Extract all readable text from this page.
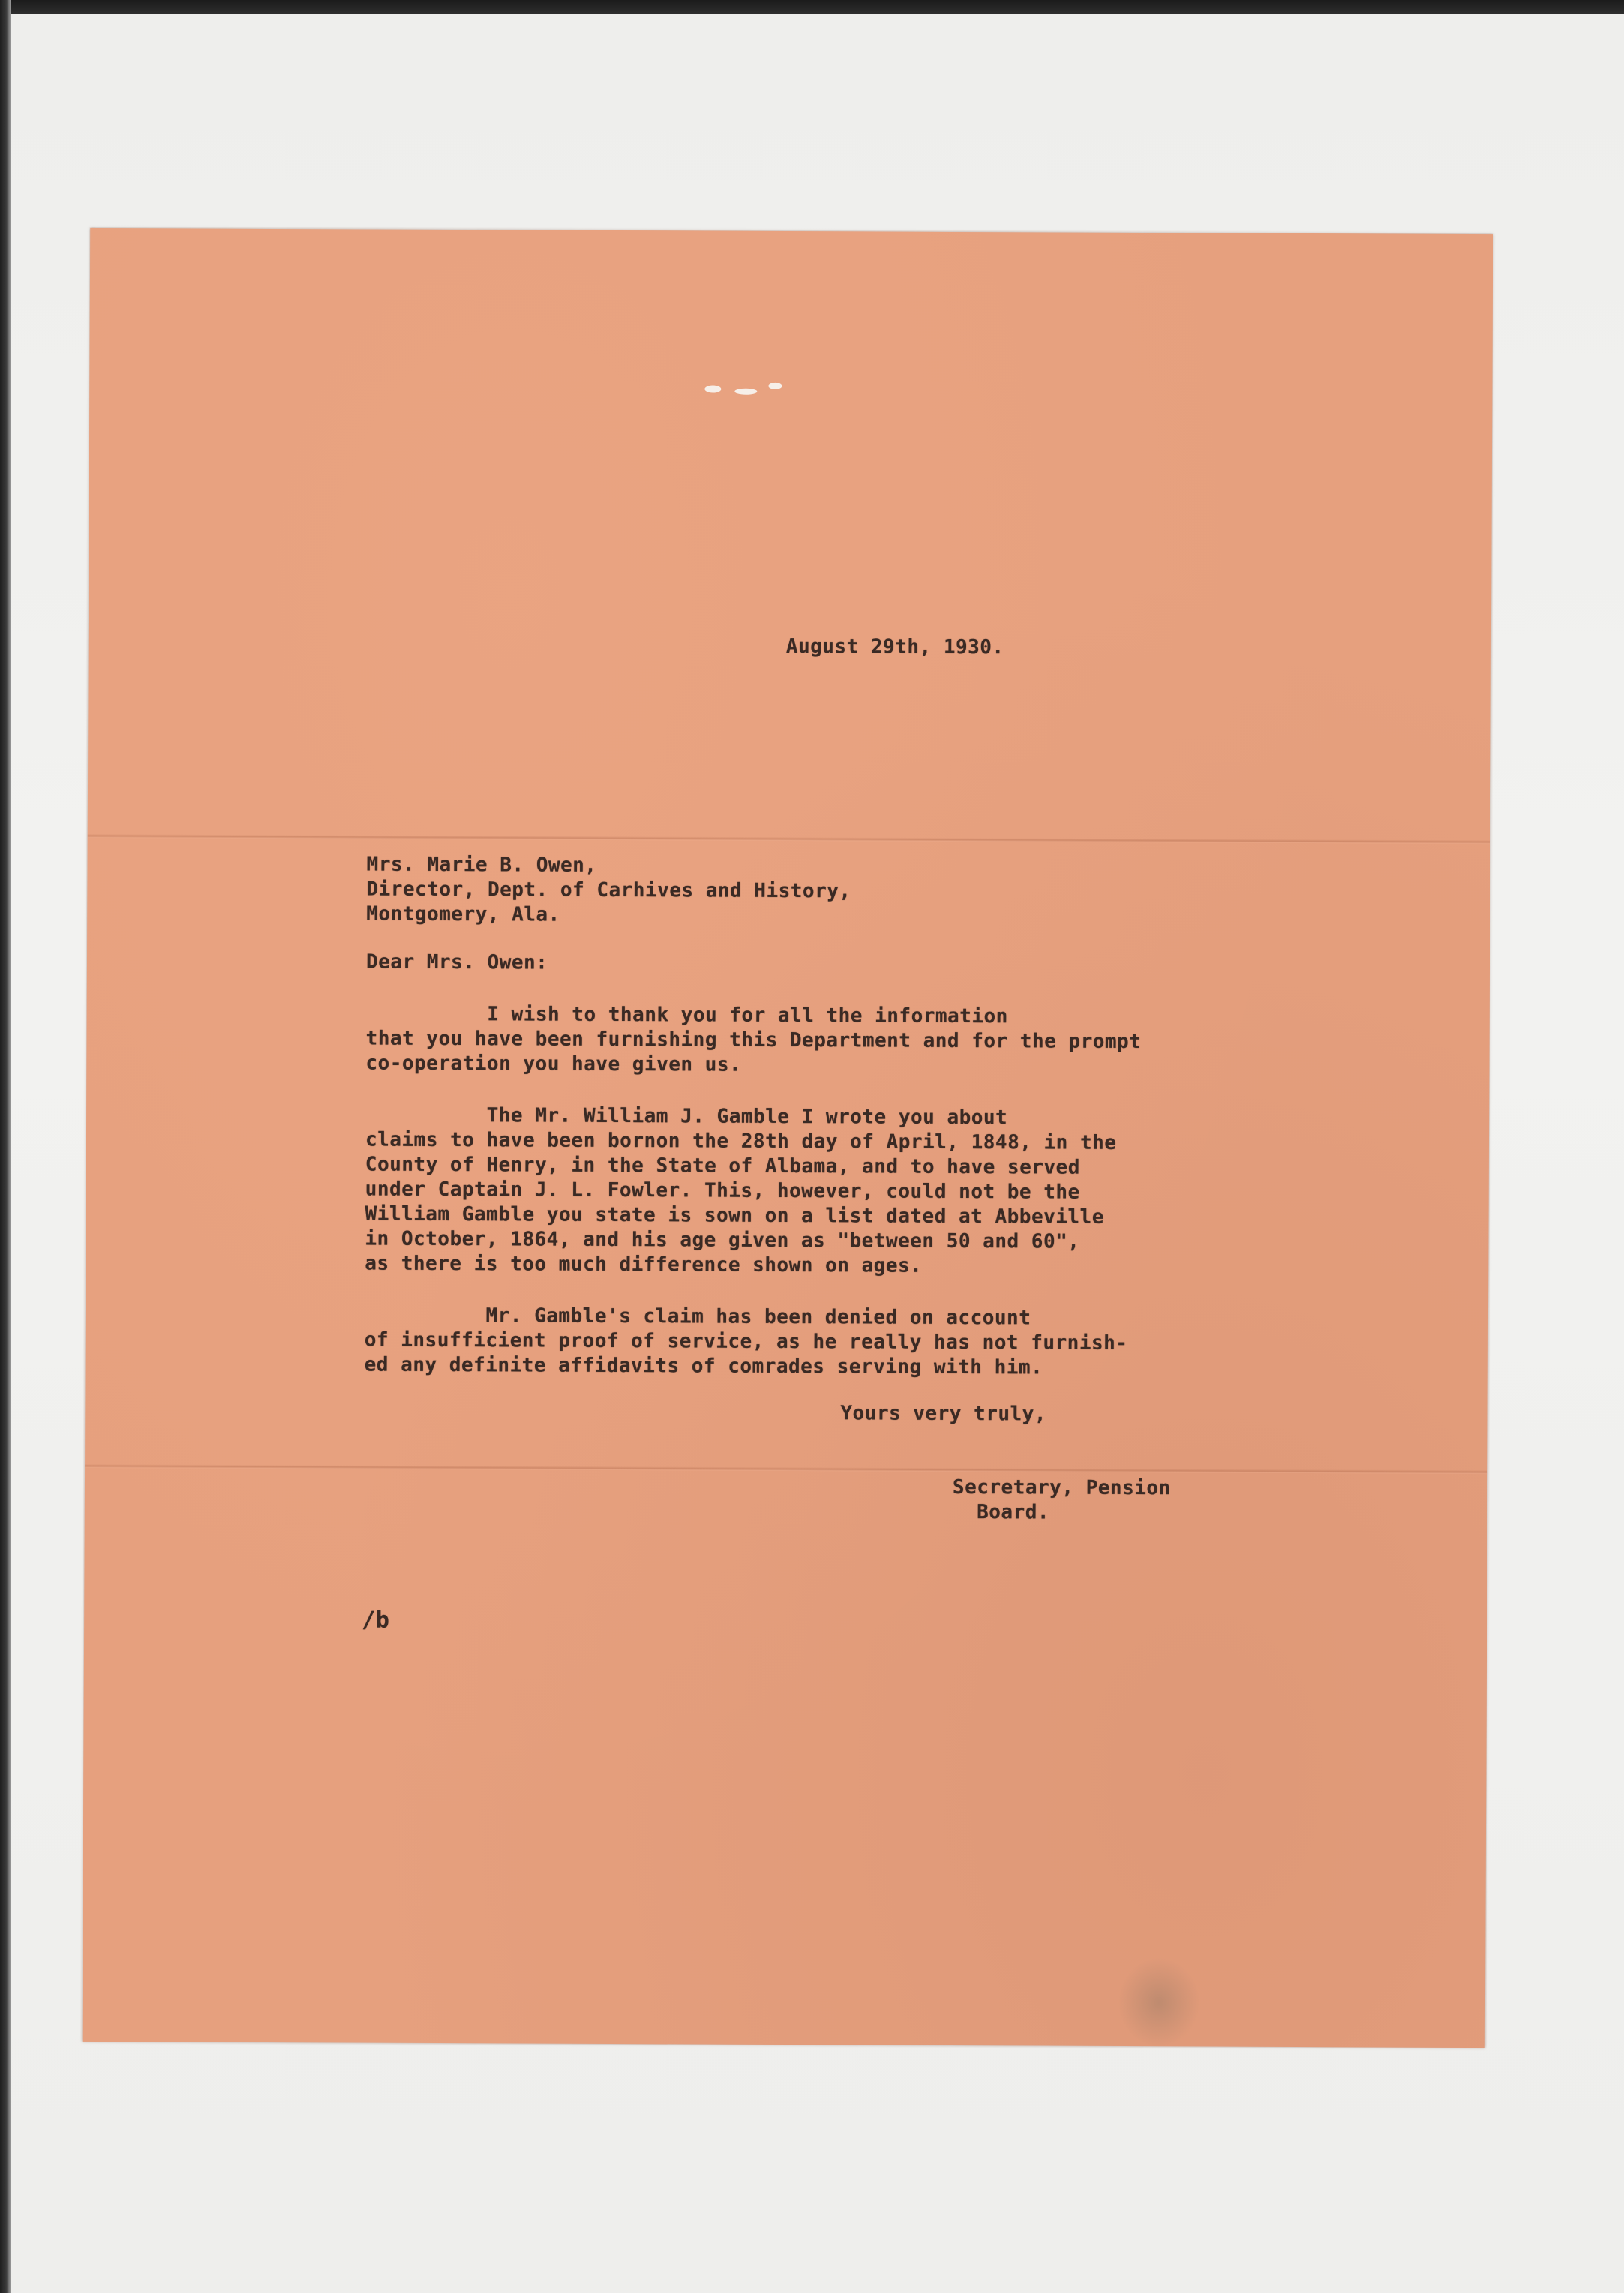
August 29th, 1930.
Mrs. Marie B. Owen,
Director, Dept. of Carhives and History,
Montgomery, Ala.
Dear Mrs. Owen:
I wish to thank you for all the information
that you have been furnishing this Department and for the prompt
co-operation you have given us.
The Mr. William J. Gamble I wrote you about
claims to have been bornon the 28th day of April, 1848, in the
County of Henry, in the State of Albama, and to have served
under Captain J. L. Fowler. This, however, could not be the
William Gamble you state is sown on a list dated at Abbeville
in October, 1864, and his age given as "between 50 and 60",
as there is too much difference shown on ages.
Mr. Gamble's claim has been denied on account
of insufficient proof of service, as he really has not furnish-
ed any definite affidavits of comrades serving with him.
Yours very truly,
Secretary, Pension
Board.
/b
